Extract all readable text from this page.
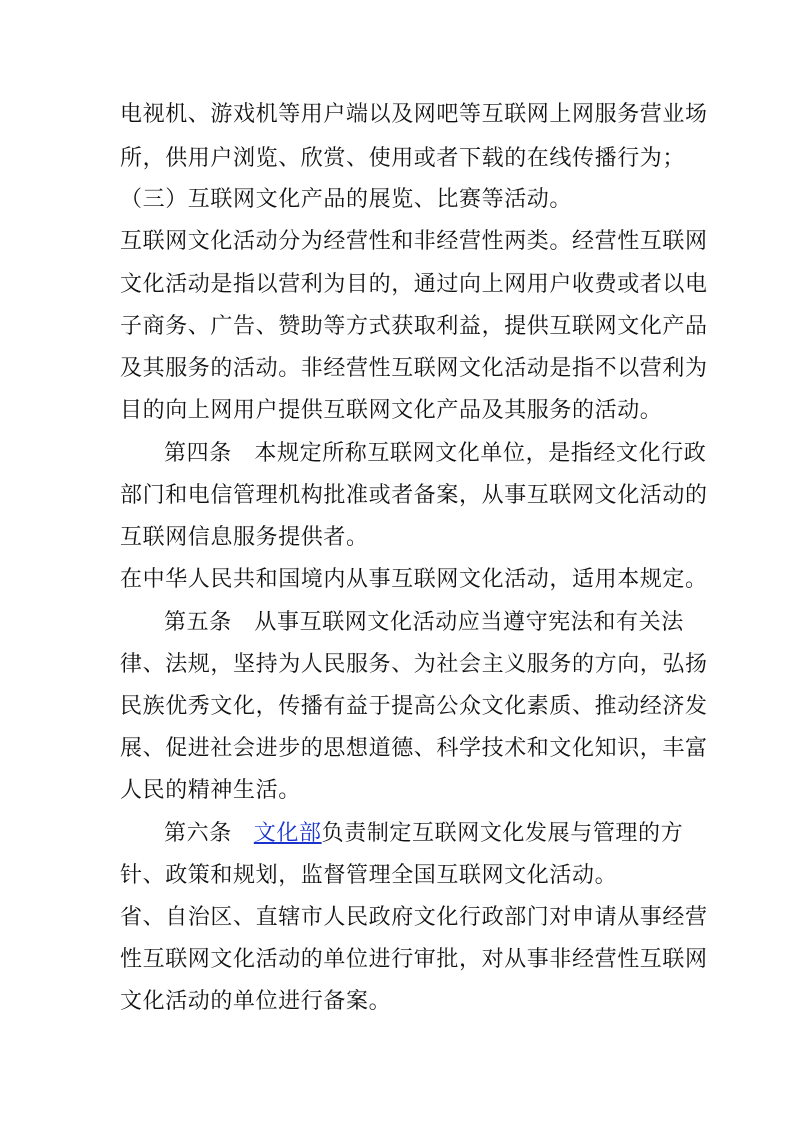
电视机、游戏机等用户端以及网吧等互联网上网服务营业场
所，供用户浏览、欣赏、使用或者下载的在线传播行为；
（三）互联网文化产品的展览、比赛等活动。
互联网文化活动分为经营性和非经营性两类。经营性互联网
文化活动是指以营利为目的，通过向上网用户收费或者以电
子商务、广告、赞助等方式获取利益，提供互联网文化产品
及其服务的活动。非经营性互联网文化活动是指不以营利为
目的向上网用户提供互联网文化产品及其服务的活动。
第四条　本规定所称互联网文化单位，是指经文化行政
部门和电信管理机构批准或者备案，从事互联网文化活动的
互联网信息服务提供者。
在中华人民共和国境内从事互联网文化活动，适用本规定。
第五条　从事互联网文化活动应当遵守宪法和有关法
律、法规，坚持为人民服务、为社会主义服务的方向，弘扬
民族优秀文化，传播有益于提高公众文化素质、推动经济发
展、促进社会进步的思想道德、科学技术和文化知识，丰富
人民的精神生活。
第六条 文化部负责制定互联网文化发展与管理的方
针、政策和规划，监督管理全国互联网文化活动。
省、自治区、直辖市人民政府文化行政部门对申请从事经营
性互联网文化活动的单位进行审批，对从事非经营性互联网
文化活动的单位进行备案。
